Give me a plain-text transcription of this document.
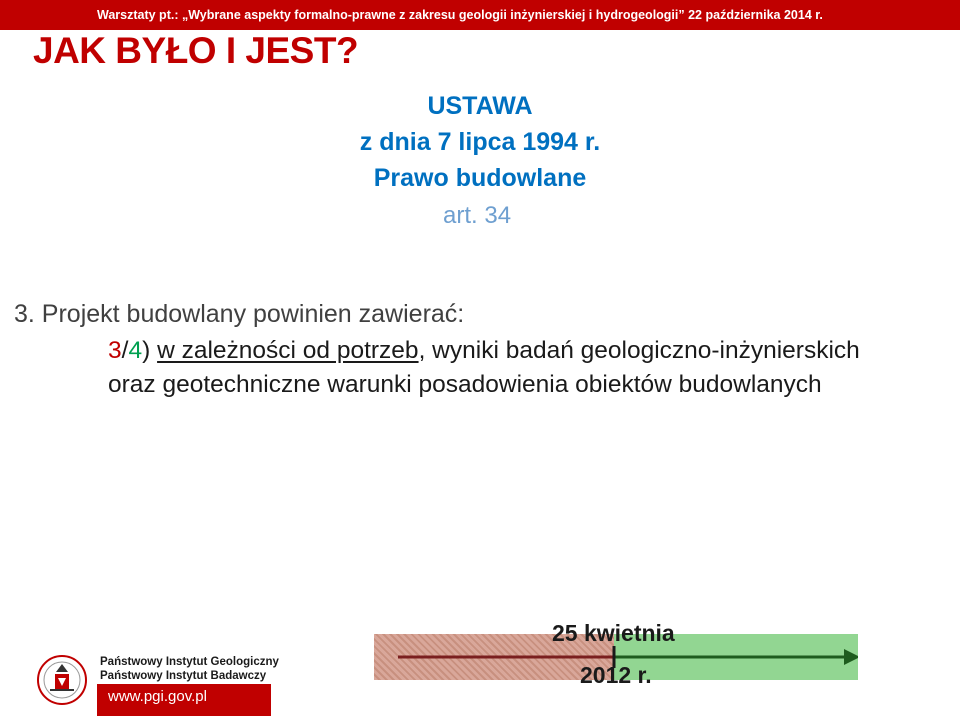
Warsztaty pt.: „Wybrane aspekty formalno-prawne z zakresu geologii inżynierskiej i hydrogeologii” 22 października 2014 r.
JAK BYŁO I JEST?
USTAWA
z dnia 7 lipca 1994 r.
Prawo budowlane
art. 34
3. Projekt budowlany powinien zawierać:
3/4) w zależności od potrzeb, wyniki badań geologiczno-inżynierskich
oraz geotechniczne warunki posadowienia obiektów budowlanych
Państwowy Instytut Geologiczny
Państwowy Instytut Badawczy
www.pgi.gov.pl
25 kwietnia
2012 r.
